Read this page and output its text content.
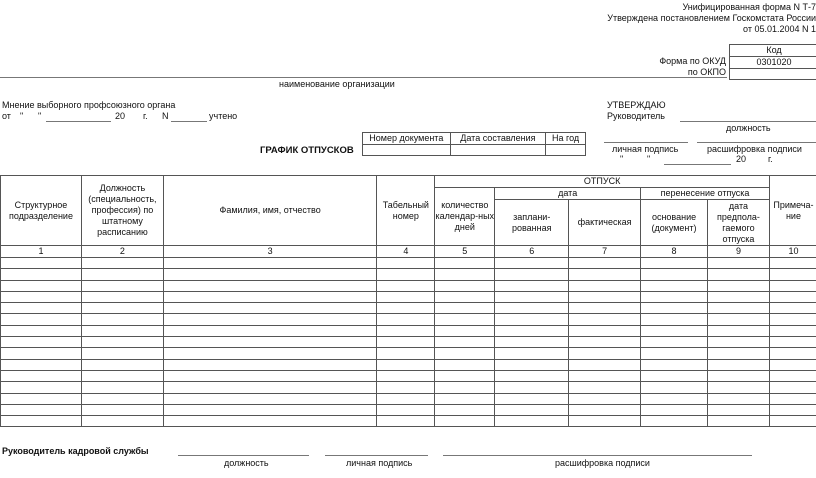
Унифицированная форма N Т-7
Утверждена постановлением Госкомстата России
от 05.01.2004 N 1
Код
0301020

Форма по ОКУД
по ОКПО
наименование организации
Мнение выборного профсоюзного органа
от " "	20 г. N	учтено
УТВЕРЖДАЮ
Руководитель
должность
личная подпись	расшифровка подписи
"	"	20 г.
ГРАФИК ОТПУСКОВ
Номер документа	Дата составления	На год

Структурное подразделение	Должность (специальность, профессия) по штатному расписанию	Фамилия, имя, отчество	Табельный номер	ОТПУСК					Примеча-ние
				количество календар-ных дней	дата		перенесение отпуска		
					заплани-рованная	фактическая	основание (документ)	дата предпола-гаемого отпуска	
1	2	3	4	5	6	7	8	9	10

Руководитель кадровой службы
должность	личная подпись	расшифровка подписи
